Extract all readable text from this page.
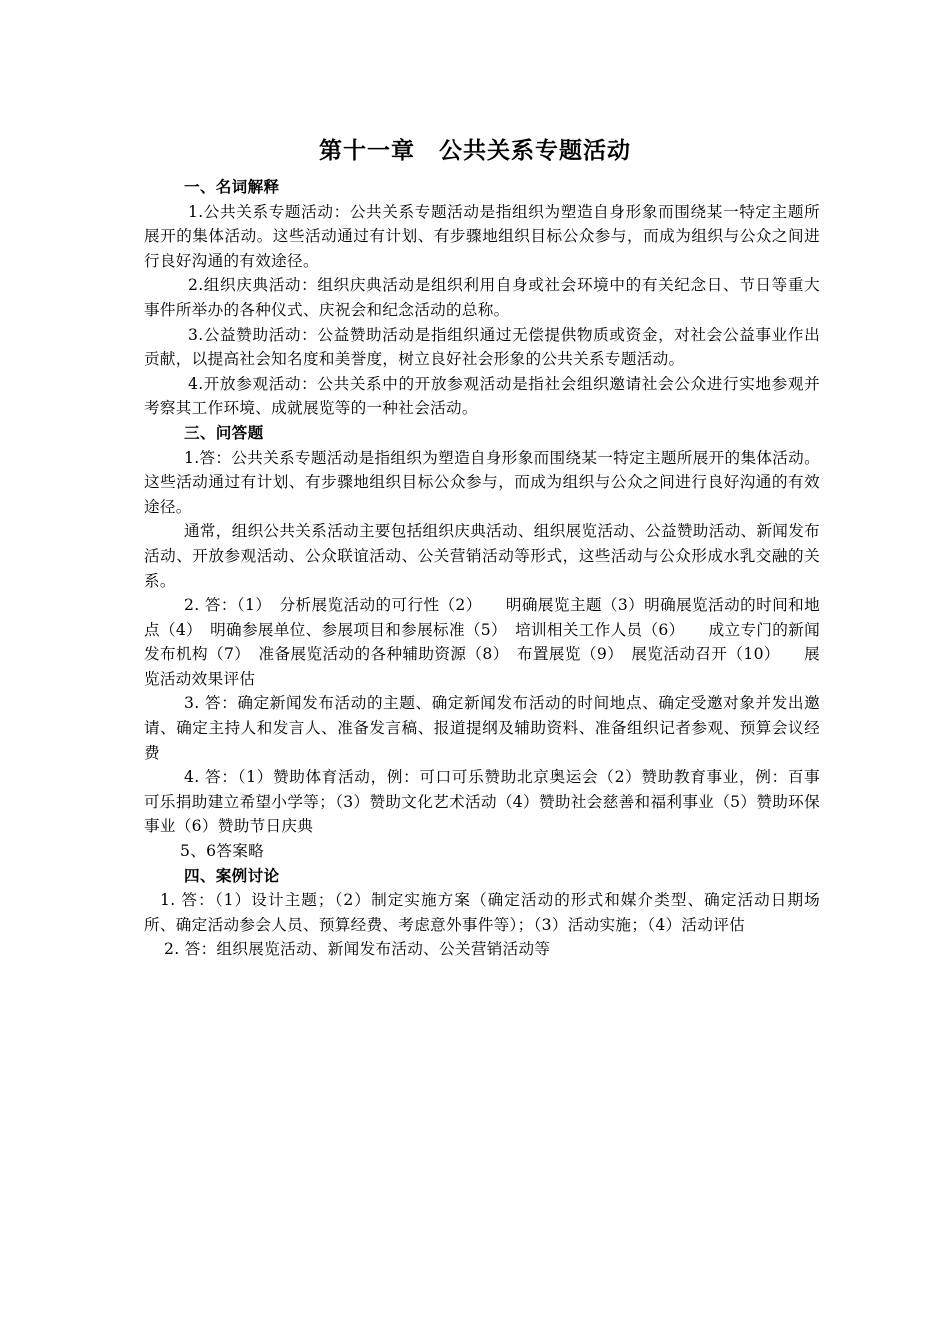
第十一章　公共关系专题活动

一、名词解释

1.公共关系专题活动：公共关系专题活动是指组织为塑造自身形象而围绕某一特定主题所展开的集体活动。这些活动通过有计划、有步骤地组织目标公众参与，而成为组织与公众之间进行良好沟通的有效途径。

2.组织庆典活动：组织庆典活动是组织利用自身或社会环境中的有关纪念日、节日等重大事件所举办的各种仪式、庆祝会和纪念活动的总称。

3.公益赞助活动：公益赞助活动是指组织通过无偿提供物质或资金，对社会公益事业作出贡献，以提高社会知名度和美誉度，树立良好社会形象的公共关系专题活动。

4.开放参观活动：公共关系中的开放参观活动是指社会组织邀请社会公众进行实地参观并考察其工作环境、成就展览等的一种社会活动。

三、问答题

1.答：公共关系专题活动是指组织为塑造自身形象而围绕某一特定主题所展开的集体活动。这些活动通过有计划、有步骤地组织目标公众参与，而成为组织与公众之间进行良好沟通的有效途径。

通常，组织公共关系活动主要包括组织庆典活动、组织展览活动、公益赞助活动、新闻发布活动、开放参观活动、公众联谊活动、公关营销活动等形式，这些活动与公众形成水乳交融的关系。

2. 答：（1）　分析展览活动的可行性（2）　　明确展览主题（3）明确展览活动的时间和地点（4）　明确参展单位、参展项目和参展标准（5）　培训相关工作人员（6）　　成立专门的新闻发布机构（7）　准备展览活动的各种辅助资源（8）　布置展览（9）　展览活动召开（10）　　展览活动效果评估

3. 答：确定新闻发布活动的主题、确定新闻发布活动的时间地点、确定受邀对象并发出邀请、确定主持人和发言人、准备发言稿、报道提纲及辅助资料、准备组织记者参观、预算会议经费

4. 答：（1）赞助体育活动，例：可口可乐赞助北京奥运会（2）赞助教育事业，例：百事可乐捐助建立希望小学等；（3）赞助文化艺术活动（4）赞助社会慈善和福利事业（5）赞助环保事业（6）赞助节日庆典

5、6答案略

四、案例讨论

1. 答：（1）设计主题；（2）制定实施方案（确定活动的形式和媒介类型、确定活动日期场所、确定活动参会人员、预算经费、考虑意外事件等）；（3）活动实施；（4）活动评估

2. 答：组织展览活动、新闻发布活动、公关营销活动等
